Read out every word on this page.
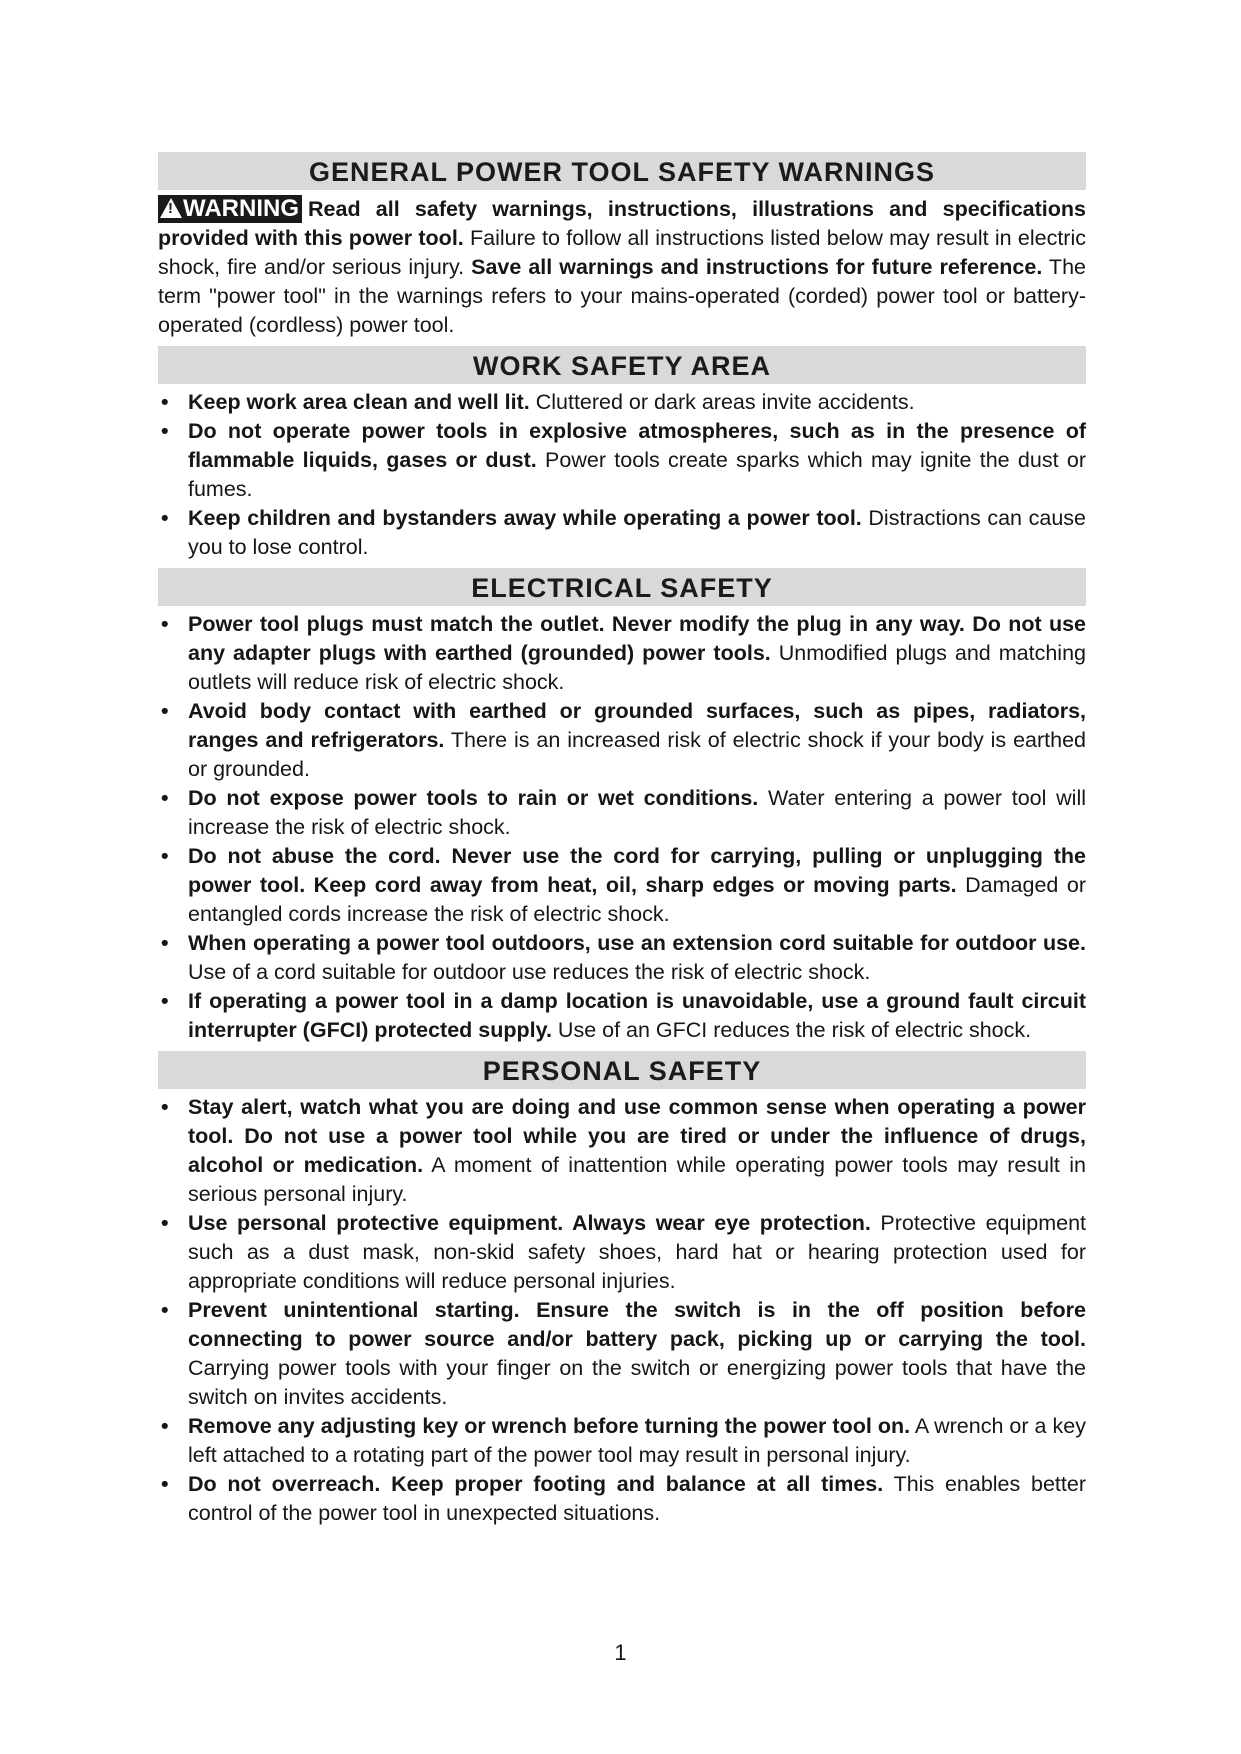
GENERAL POWER TOOL SAFETY WARNINGS
!WARNING Read all safety warnings, instructions, illustrations and specifications provided with this power tool. Failure to follow all instructions listed below may result in electric shock, fire and/or serious injury. Save all warnings and instructions for future reference. The term "power tool" in the warnings refers to your mains-operated (corded) power tool or battery-operated (cordless) power tool.
WORK SAFETY AREA
• Keep work area clean and well lit. Cluttered or dark areas invite accidents.
• Do not operate power tools in explosive atmospheres, such as in the presence of flammable liquids, gases or dust. Power tools create sparks which may ignite the dust or fumes.
• Keep children and bystanders away while operating a power tool. Distractions can cause you to lose control.
ELECTRICAL SAFETY
• Power tool plugs must match the outlet. Never modify the plug in any way. Do not use any adapter plugs with earthed (grounded) power tools. Unmodified plugs and matching outlets will reduce risk of electric shock.
• Avoid body contact with earthed or grounded surfaces, such as pipes, radiators, ranges and refrigerators. There is an increased risk of electric shock if your body is earthed or grounded.
• Do not expose power tools to rain or wet conditions. Water entering a power tool will increase the risk of electric shock.
• Do not abuse the cord. Never use the cord for carrying, pulling or unplugging the power tool. Keep cord away from heat, oil, sharp edges or moving parts. Damaged or entangled cords increase the risk of electric shock.
• When operating a power tool outdoors, use an extension cord suitable for outdoor use. Use of a cord suitable for outdoor use reduces the risk of electric shock.
• If operating a power tool in a damp location is unavoidable, use a ground fault circuit interrupter (GFCI) protected supply. Use of an GFCI reduces the risk of electric shock.
PERSONAL SAFETY
• Stay alert, watch what you are doing and use common sense when operating a power tool. Do not use a power tool while you are tired or under the influence of drugs, alcohol or medication. A moment of inattention while operating power tools may result in serious personal injury.
• Use personal protective equipment. Always wear eye protection. Protective equipment such as a dust mask, non-skid safety shoes, hard hat or hearing protection used for appropriate conditions will reduce personal injuries.
• Prevent unintentional starting. Ensure the switch is in the off position before connecting to power source and/or battery pack, picking up or carrying the tool. Carrying power tools with your finger on the switch or energizing power tools that have the switch on invites accidents.
• Remove any adjusting key or wrench before turning the power tool on. A wrench or a key left attached to a rotating part of the power tool may result in personal injury.
• Do not overreach. Keep proper footing and balance at all times. This enables better control of the power tool in unexpected situations.
1
